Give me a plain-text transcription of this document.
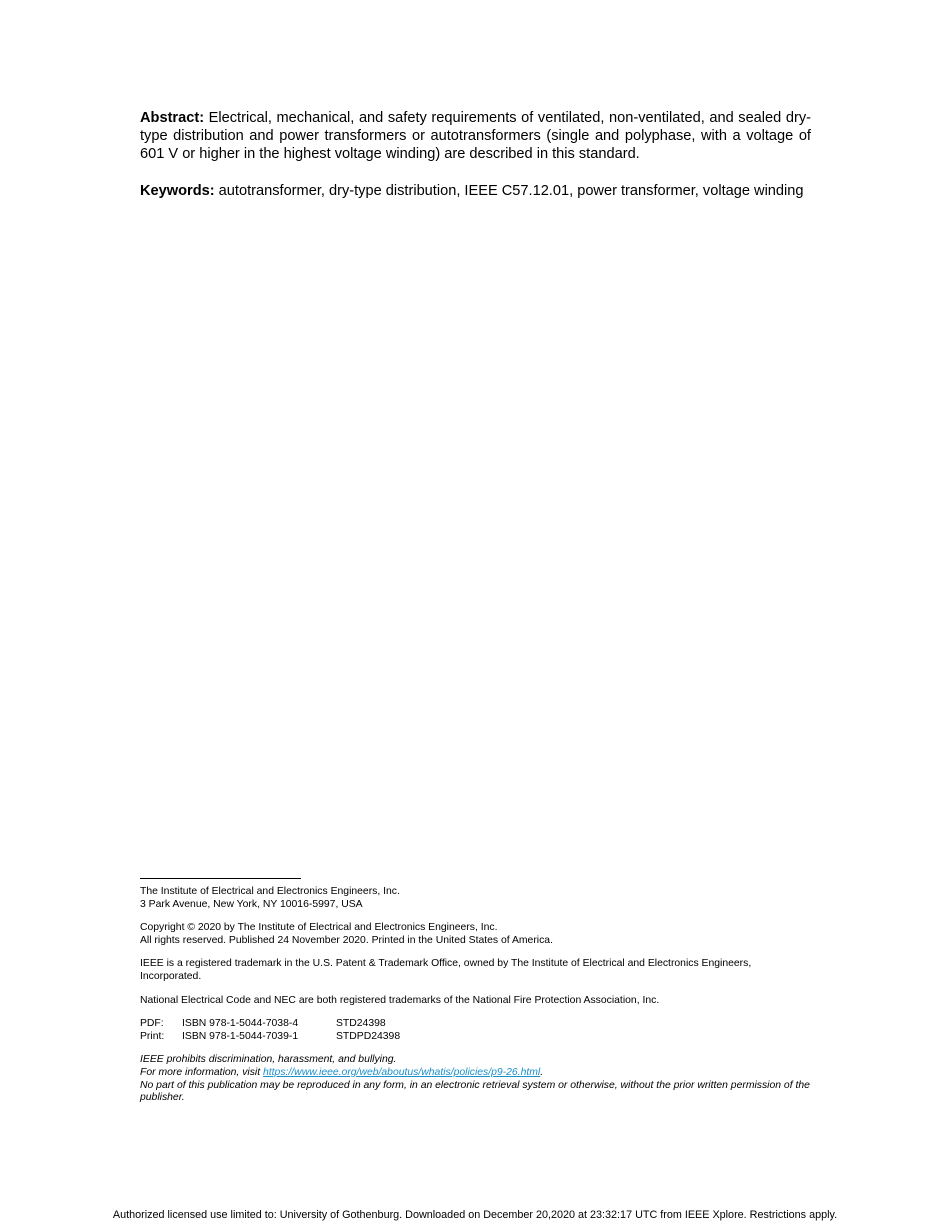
Abstract: Electrical, mechanical, and safety requirements of ventilated, non-ventilated, and sealed dry-type distribution and power transformers or autotransformers (single and polyphase, with a voltage of 601 V or higher in the highest voltage winding) are described in this standard.

Keywords: autotransformer, dry-type distribution, IEEE C57.12.01, power transformer, voltage winding

The Institute of Electrical and Electronics Engineers, Inc.
3 Park Avenue, New York, NY 10016-5997, USA

Copyright © 2020 by The Institute of Electrical and Electronics Engineers, Inc.
All rights reserved. Published 24 November 2020. Printed in the United States of America.

IEEE is a registered trademark in the U.S. Patent & Trademark Office, owned by The Institute of Electrical and Electronics Engineers, Incorporated.

National Electrical Code and NEC are both registered trademarks of the National Fire Protection Association, Inc.

PDF:	ISBN 978-1-5044-7038-4	STD24398
Print:	ISBN 978-1-5044-7039-1	STDPD24398

IEEE prohibits discrimination, harassment, and bullying.
For more information, visit https://www.ieee.org/web/aboutus/whatis/policies/p9-26.html.
No part of this publication may be reproduced in any form, in an electronic retrieval system or otherwise, without the prior written permission of the publisher.

Authorized licensed use limited to: University of Gothenburg. Downloaded on December 20,2020 at 23:32:17 UTC from IEEE Xplore. Restrictions apply.
